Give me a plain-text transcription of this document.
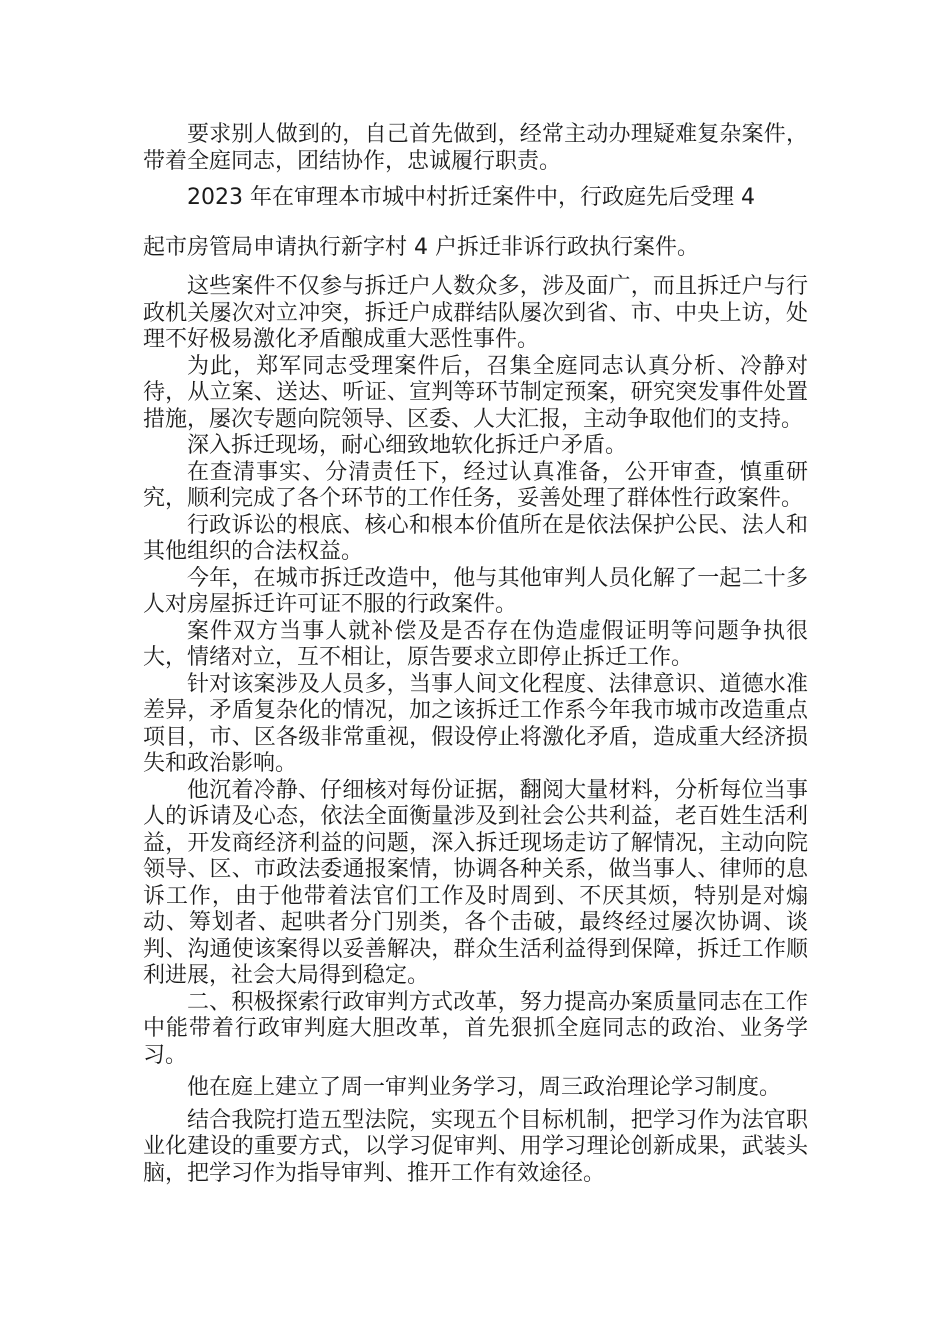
要求别人做到的，自己首先做到，经常主动办理疑难复杂案件，带着全庭同志，团结协作，忠诚履行职责。

2023 年在审理本市城中村折迁案件中，行政庭先后受理 4

起市房管局申请执行新字村 4 户拆迁非诉行政执行案件。

这些案件不仅参与拆迁户人数众多，涉及面广，而且拆迁户与行政机关屡次对立冲突，拆迁户成群结队屡次到省、市、中央上访，处理不好极易激化矛盾酿成重大恶性事件。

为此，郑军同志受理案件后，召集全庭同志认真分析、冷静对待，从立案、送达、听证、宣判等环节制定预案，研究突发事件处置措施，屡次专题向院领导、区委、人大汇报，主动争取他们的支持。

深入拆迁现场，耐心细致地软化拆迁户矛盾。

在查清事实、分清责任下，经过认真准备，公开审查，慎重研究，顺利完成了各个环节的工作任务，妥善处理了群体性行政案件。

行政诉讼的根底、核心和根本价值所在是依法保护公民、法人和其他组织的合法权益。

今年，在城市拆迁改造中，他与其他审判人员化解了一起二十多人对房屋拆迁许可证不服的行政案件。

案件双方当事人就补偿及是否存在伪造虚假证明等问题争执很大，情绪对立，互不相让，原告要求立即停止拆迁工作。

针对该案涉及人员多，当事人间文化程度、法律意识、道德水准差异，矛盾复杂化的情况，加之该拆迁工作系今年我市城市改造重点项目，市、区各级非常重视，假设停止将激化矛盾，造成重大经济损失和政治影响。

他沉着冷静、仔细核对每份证据，翻阅大量材料，分析每位当事人的诉请及心态，依法全面衡量涉及到社会公共利益，老百姓生活利益，开发商经济利益的问题，深入拆迁现场走访了解情况，主动向院领导、区、市政法委通报案情，协调各种关系，做当事人、律师的息诉工作，由于他带着法官们工作及时周到、不厌其烦，特别是对煽动、筹划者、起哄者分门别类，各个击破，最终经过屡次协调、谈判、沟通使该案得以妥善解决，群众生活利益得到保障，拆迁工作顺利进展，社会大局得到稳定。

二、积极探索行政审判方式改革，努力提高办案质量同志在工作中能带着行政审判庭大胆改革，首先狠抓全庭同志的政治、业务学习。

他在庭上建立了周一审判业务学习，周三政治理论学习制度。

结合我院打造五型法院，实现五个目标机制，把学习作为法官职业化建设的重要方式，以学习促审判、用学习理论创新成果，武装头脑，把学习作为指导审判、推开工作有效途径。
